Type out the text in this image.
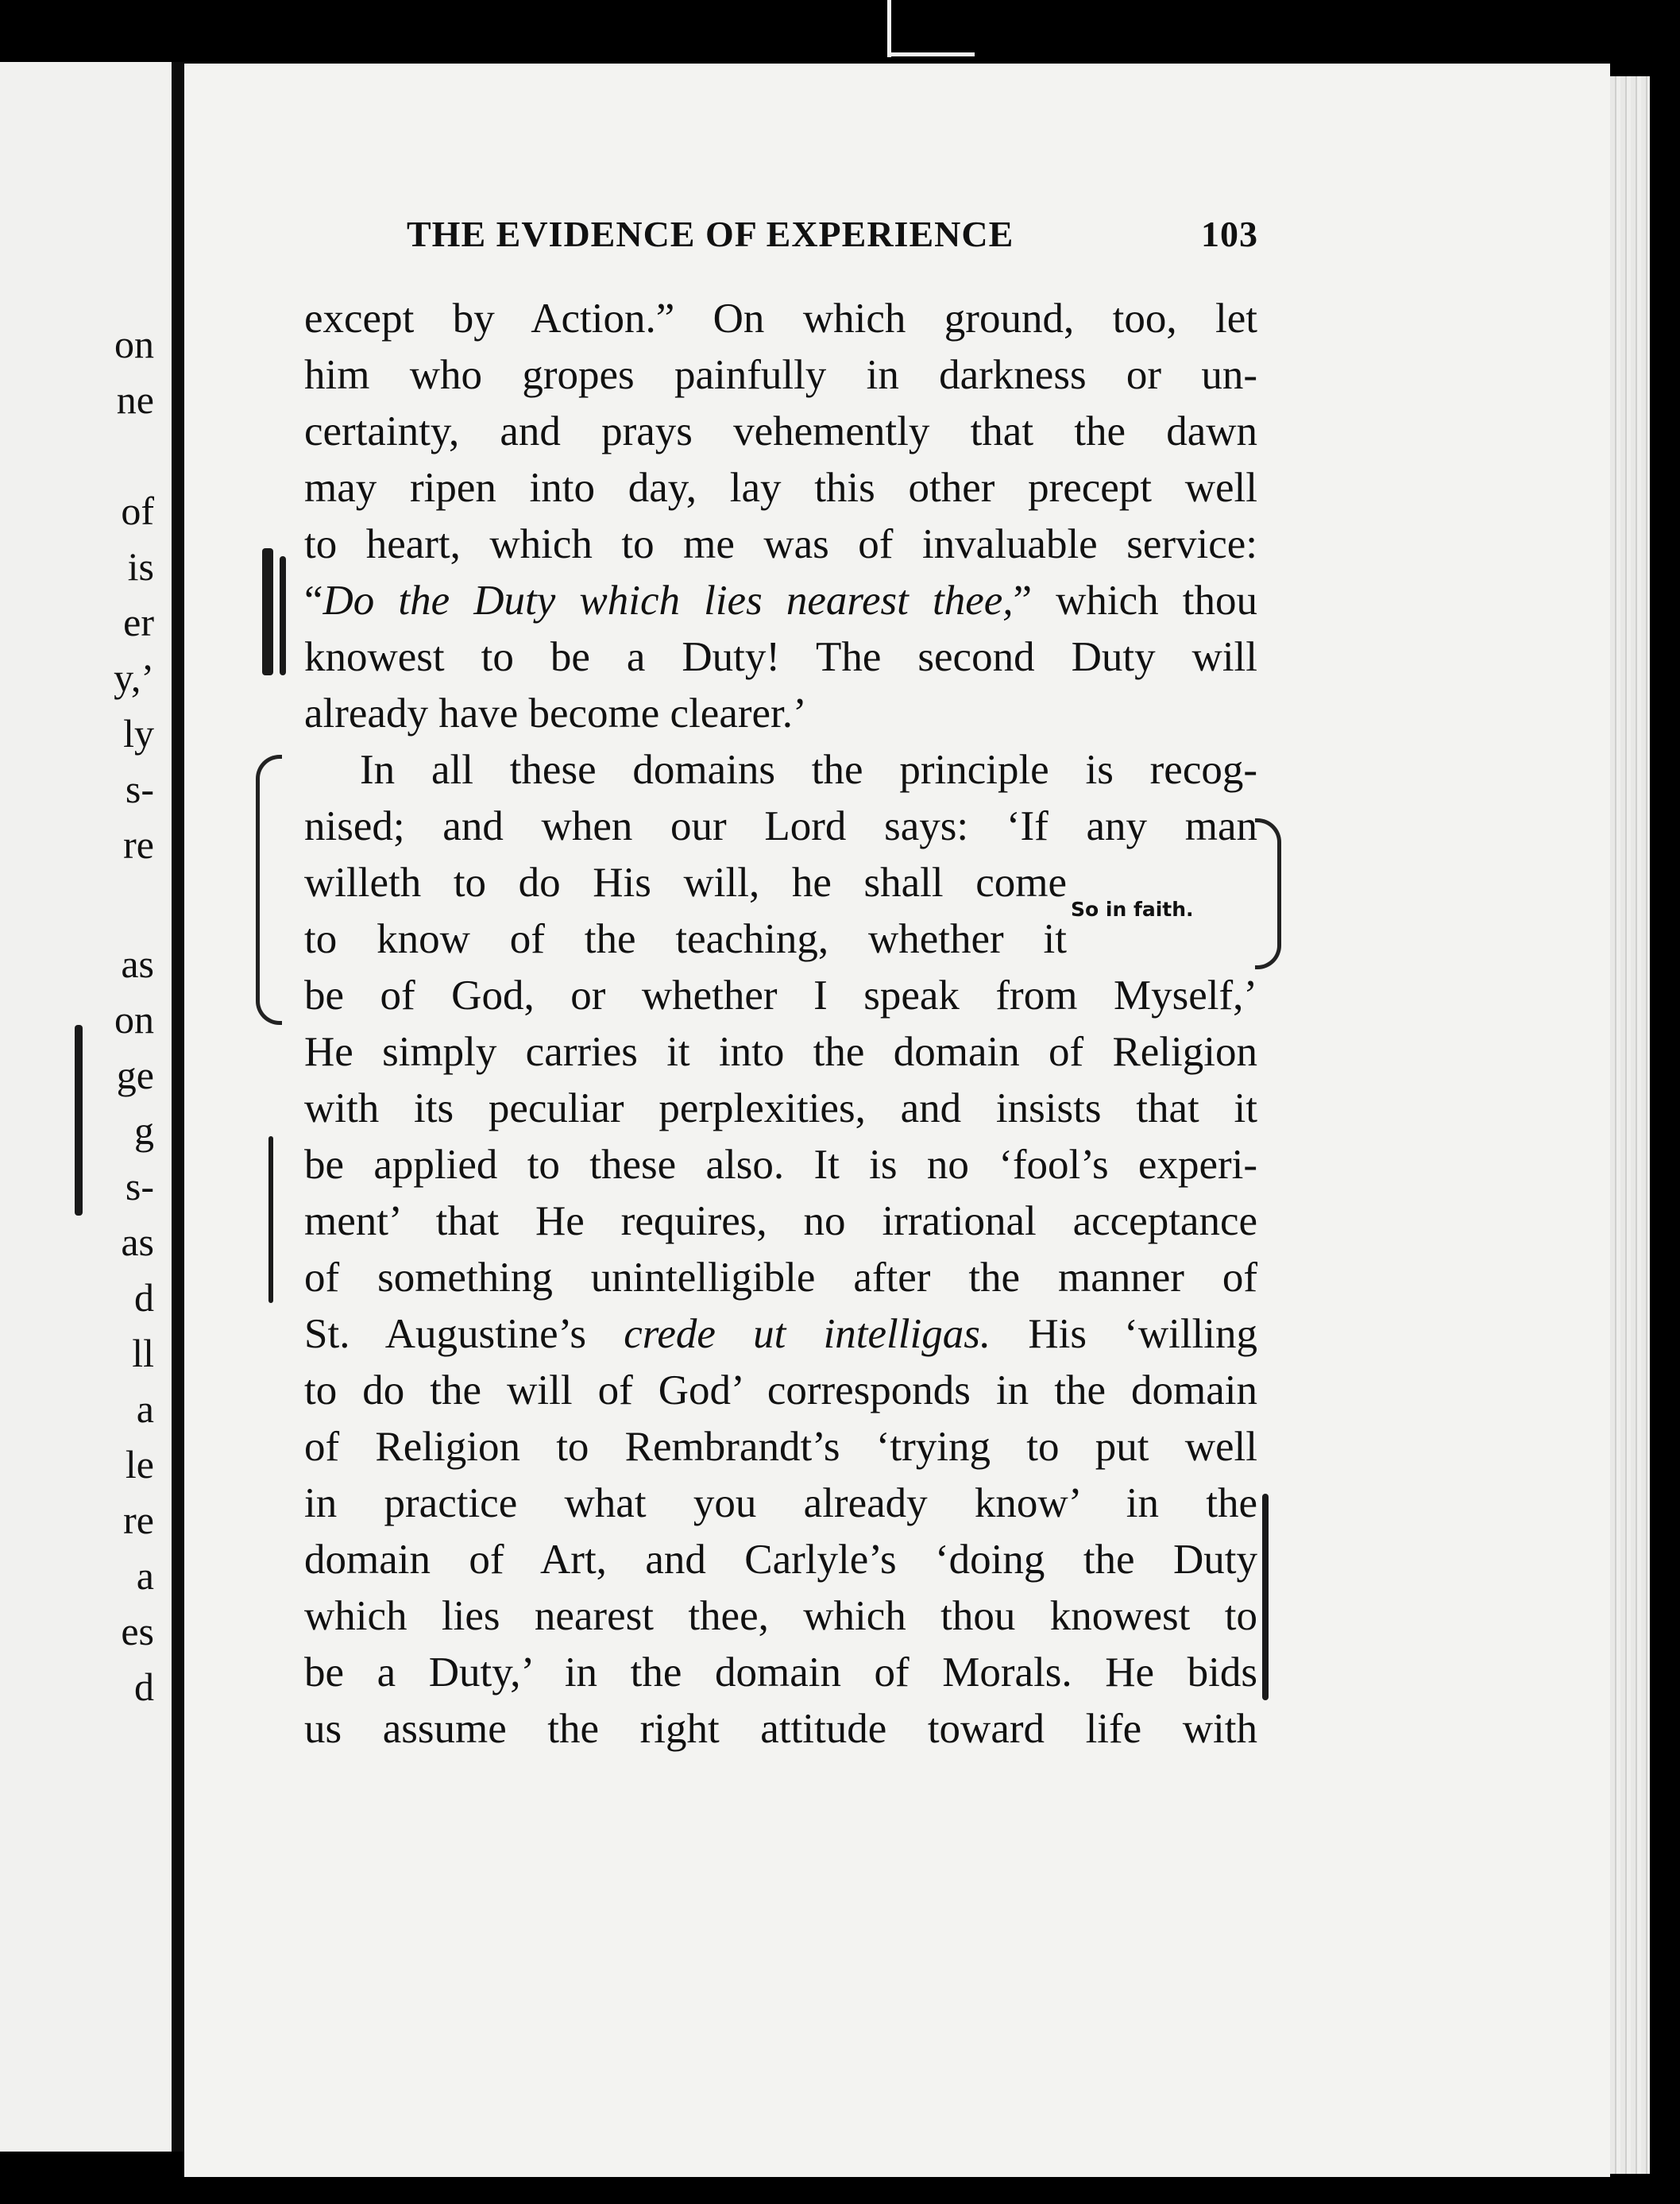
on
ne
of
is
er
y,’
ly
s-
re
as
on
ge
g
s-
as
d
ll
a
le
re
a
es
d
THE EVIDENCE OF EXPERIENCE	103
except by Action.” On which ground, too, let
him who gropes painfully in darkness or un-
certainty, and prays vehemently that the dawn
may ripen into day, lay this other precept well
to heart, which to me was of invaluable service:
“Do the Duty which lies nearest thee,” which thou
knowest to be a Duty! The second Duty will
already have become clearer.’
In all these domains the principle is recog-
nised; and when our Lord says: ‘If any man
willeth to do His will, he shall come
to know of the teaching, whether it
be of God, or whether I speak from Myself,’
He simply carries it into the domain of Religion
with its peculiar perplexities, and insists that it
be applied to these also. It is no ‘fool’s experi-
ment’ that He requires, no irrational acceptance
of something unintelligible after the manner of
St. Augustine’s crede ut intelligas. His ‘willing
to do the will of God’ corresponds in the domain
of Religion to Rembrandt’s ‘trying to put well
in practice what you already know’ in the
domain of Art, and Carlyle’s ‘doing the Duty
which lies nearest thee, which thou knowest to
be a Duty,’ in the domain of Morals. He bids
us assume the right attitude toward life with
So in faith.
